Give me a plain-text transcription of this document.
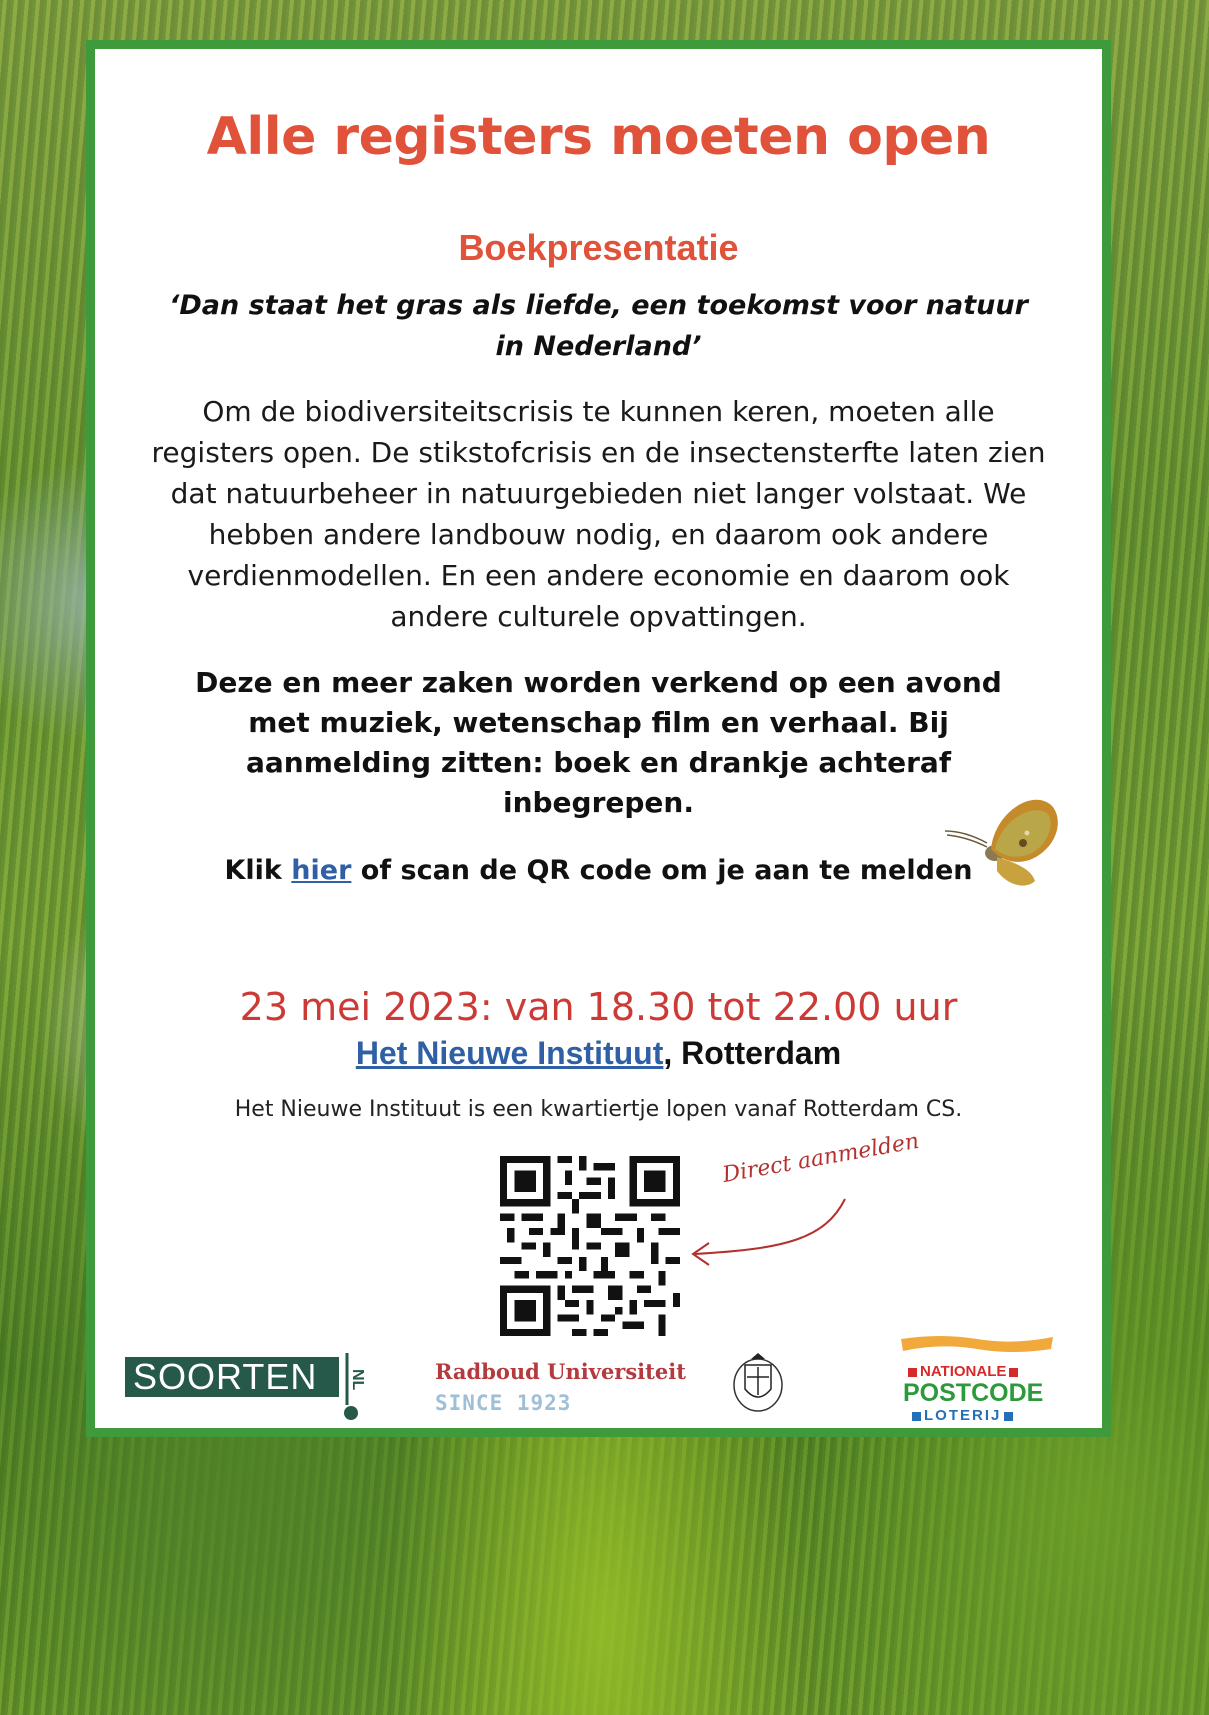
Alle registers moeten open
Boekpresentatie
‘Dan staat het gras als liefde, een toekomst voor natuur in Nederland’
Om de biodiversiteitscrisis te kunnen keren, moeten alle registers open. De stikstofcrisis en de insectensterfte laten zien dat natuurbeheer in natuurgebieden niet langer volstaat. We hebben andere landbouw nodig, en daarom ook andere verdienmodellen. En een andere economie en daarom ook andere culturele opvattingen.
Deze en meer zaken worden verkend op een avond met muziek, wetenschap film en verhaal. Bij aanmelding zitten: boek en drankje achteraf inbegrepen.
Klik hier of scan de QR code om je aan te melden
23 mei 2023: van 18.30 tot 22.00 uur
Het Nieuwe Instituut, Rotterdam
Het Nieuwe Instituut is een kwartiertje lopen vanaf Rotterdam CS.
Direct aanmelden
SOORTEN NL	Radboud Universiteit
SINCE 1923
NATIONALE
POSTCODE
LOTERIJ
